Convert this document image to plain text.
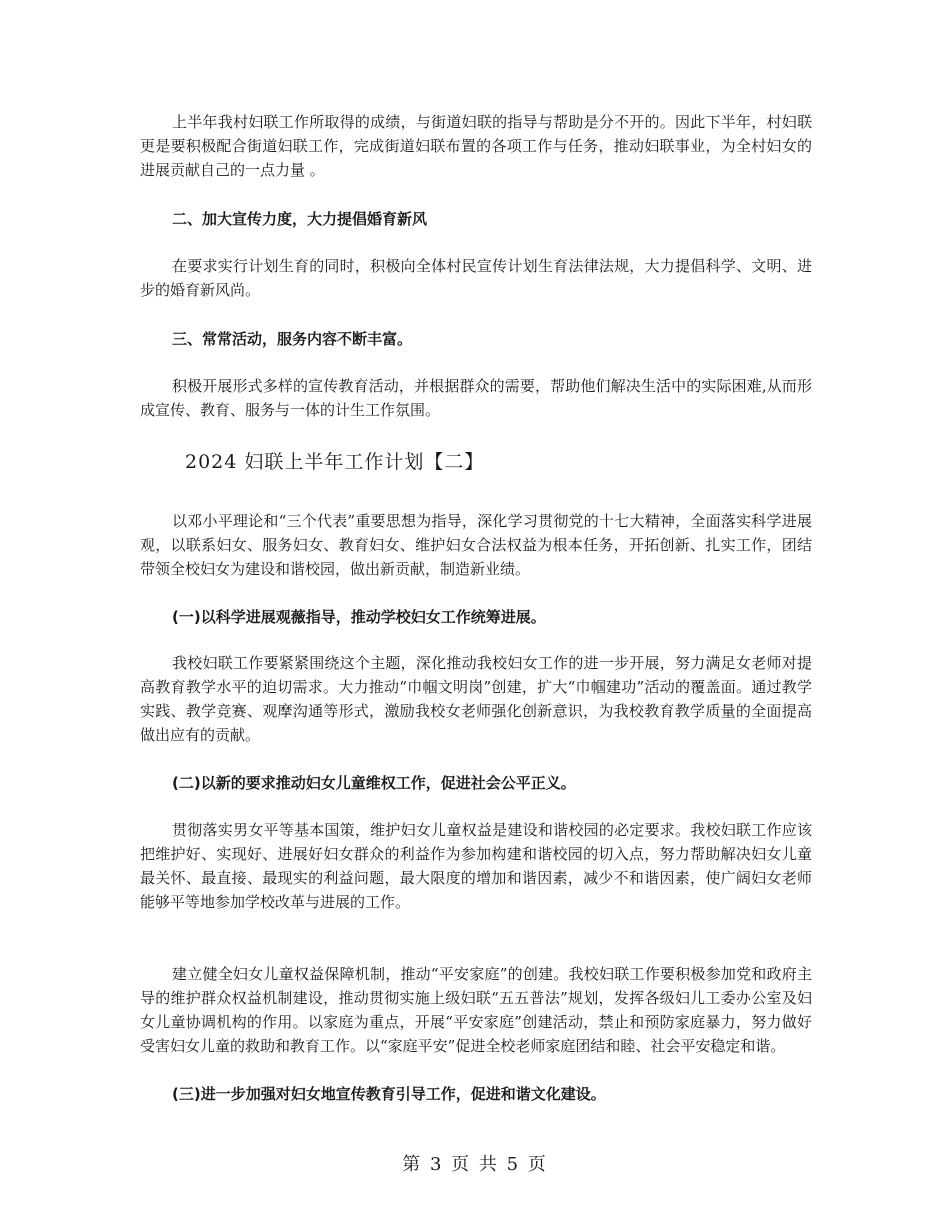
上半年我村妇联工作所取得的成绩，与街道妇联的指导与帮助是分不开的。因此下半年，村妇联更是要积极配合街道妇联工作，完成街道妇联布置的各项工作与任务，推动妇联事业，为全村妇女的进展贡献自己的一点力量 。

二、加大宣传力度，大力提倡婚育新风

在要求实行计划生育的同时，积极向全体村民宣传计划生育法律法规，大力提倡科学、文明、进步的婚育新风尚。

三、常常活动，服务内容不断丰富。

积极开展形式多样的宣传教育活动，并根据群众的需要，帮助他们解决生活中的实际困难,从而形成宣传、教育、服务与一体的计生工作氛围。

2024 妇联上半年工作计划【二】

以邓小平理论和“三个代表”重要思想为指导，深化学习贯彻党的十七大精神，全面落实科学进展观，以联系妇女、服务妇女、教育妇女、维护妇女合法权益为根本任务，开拓创新、扎实工作，团结带领全校妇女为建设和谐校园，做出新贡献，制造新业绩。

(一)以科学进展观薇指导，推动学校妇女工作统筹进展。

我校妇联工作要紧紧围绕这个主题，深化推动我校妇女工作的进一步开展，努力满足女老师对提高教育教学水平的迫切需求。大力推动“巾帼文明岗”创建，扩大“巾帼建功”活动的覆盖面。通过教学实践、教学竞赛、观摩沟通等形式，激励我校女老师强化创新意识，为我校教育教学质量的全面提高做出应有的贡献。

(二)以新的要求推动妇女儿童维权工作，促进社会公平正义。

贯彻落实男女平等基本国策，维护妇女儿童权益是建设和谐校园的必定要求。我校妇联工作应该把维护好、实现好、进展好妇女群众的利益作为参加构建和谐校园的切入点，努力帮助解决妇女儿童最关怀、最直接、最现实的利益问题，最大限度的增加和谐因素，减少不和谐因素，使广阔妇女老师能够平等地参加学校改革与进展的工作。

建立健全妇女儿童权益保障机制，推动“平安家庭”的创建。我校妇联工作要积极参加党和政府主导的维护群众权益机制建设，推动贯彻实施上级妇联“五五普法”规划，发挥各级妇儿工委办公室及妇女儿童协调机构的作用。以家庭为重点，开展“平安家庭”创建活动，禁止和预防家庭暴力，努力做好受害妇女儿童的救助和教育工作。以“家庭平安”促进全校老师家庭团结和睦、社会平安稳定和谐。

(三)进一步加强对妇女地宣传教育引导工作，促进和谐文化建设。

第 3 页 共 5 页
